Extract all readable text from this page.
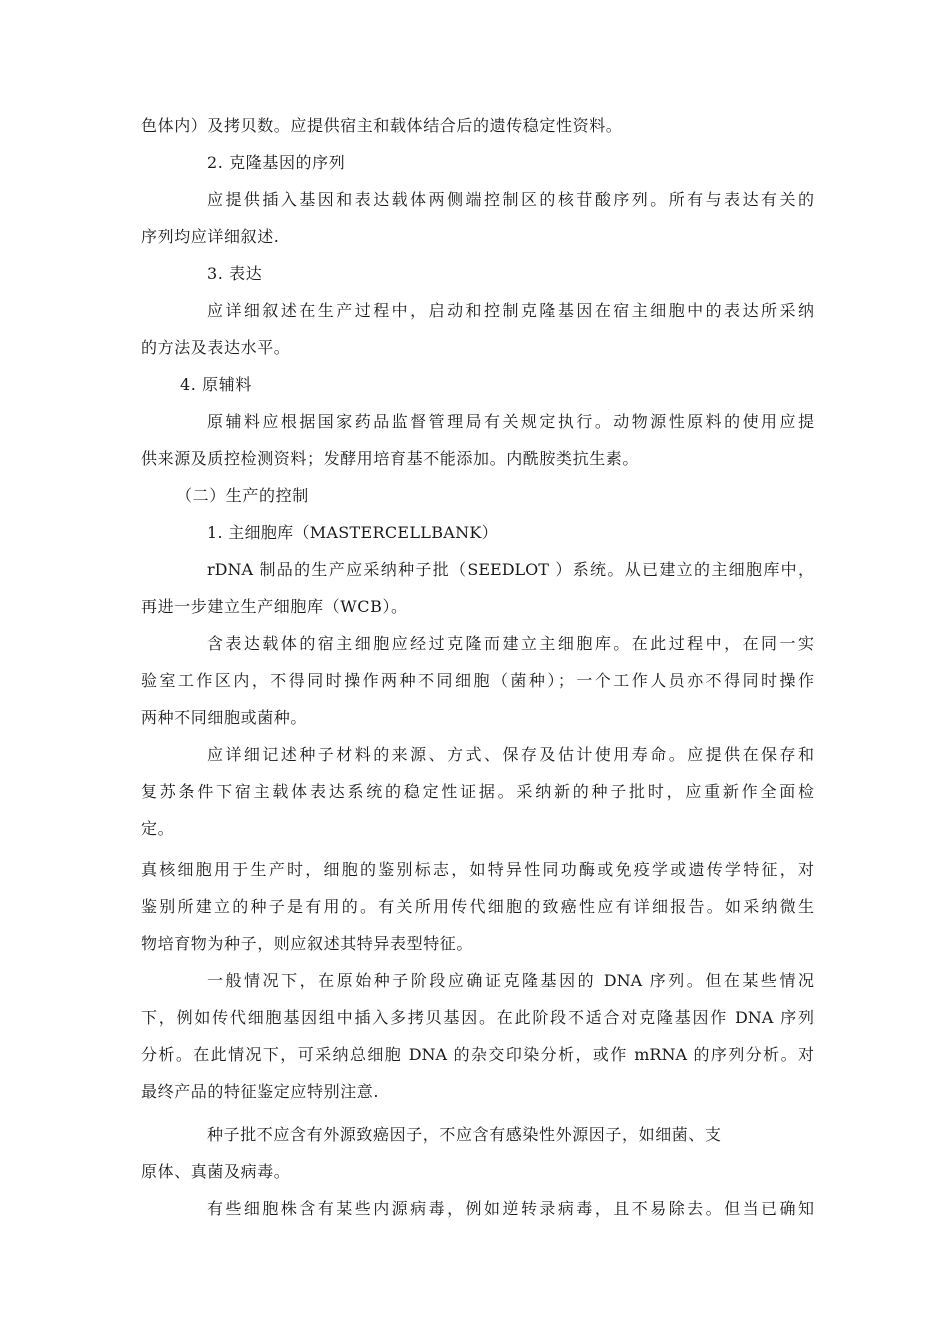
色体内）及拷贝数。应提供宿主和载体结合后的遗传稳定性资料。
2. 克隆基因的序列
应提供插入基因和表达载体两侧端控制区的核苷酸序列。所有与表达有关的
序列均应详细叙述.
3. 表达
应详细叙述在生产过程中，启动和控制克隆基因在宿主细胞中的表达所采纳
的方法及表达水平。
4. 原辅料
原辅料应根据国家药品监督管理局有关规定执行。动物源性原料的使用应提
供来源及质控检测资料；发酵用培育基不能添加。内酰胺类抗生素。
（二）生产的控制
1. 主细胞库（MASTERCELLBANK）
rDNA 制品的生产应采纳种子批（SEEDLOT ）系统。从已建立的主细胞库中，
再进一步建立生产细胞库（WCB）。
含表达载体的宿主细胞应经过克隆而建立主细胞库。在此过程中，在同一实
验室工作区内，不得同时操作两种不同细胞（菌种）；一个工作人员亦不得同时操作
两种不同细胞或菌种。
应详细记述种子材料的来源、方式、保存及估计使用寿命。应提供在保存和
复苏条件下宿主载体表达系统的稳定性证据。采纳新的种子批时，应重新作全面检
定。
真核细胞用于生产时，细胞的鉴别标志，如特异性同功酶或免疫学或遗传学特征，对
鉴别所建立的种子是有用的。有关所用传代细胞的致癌性应有详细报告。如采纳微生
物培育物为种子，则应叙述其特异表型特征。
一般情况下，在原始种子阶段应确证克隆基因的 DNA 序列。但在某些情况
下，例如传代细胞基因组中插入多拷贝基因。在此阶段不适合对克隆基因作 DNA 序列
分析。在此情况下，可采纳总细胞 DNA 的杂交印染分析，或作 mRNA 的序列分析。对
最终产品的特征鉴定应特别注意.
种子批不应含有外源致癌因子，不应含有感染性外源因子，如细菌、支
原体、真菌及病毒。
有些细胞株含有某些内源病毒，例如逆转录病毒，且不易除去。但当已确知
